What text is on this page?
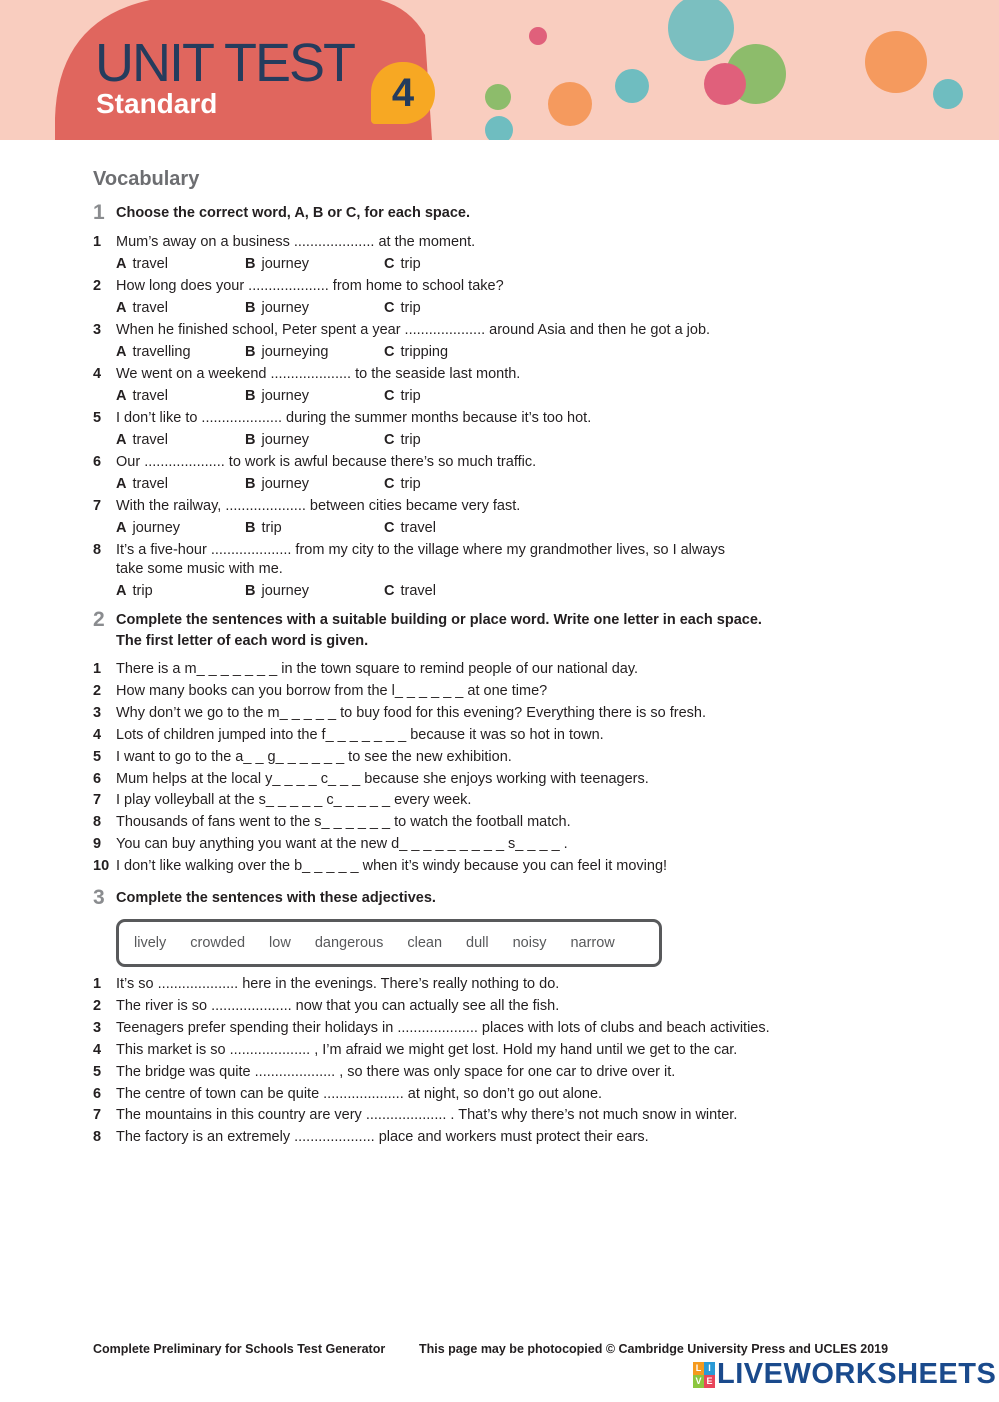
UNIT TEST
Standard	4
Vocabulary
1 Choose the correct word, A, B or C, for each space.
1 Mum’s away on a business .................... at the moment.
A travel	B journey	C trip
2 How long does your .................... from home to school take?
A travel	B journey	C trip
3 When he finished school, Peter spent a year .................... around Asia and then he got a job.
A travelling	B journeying	C tripping
4 We went on a weekend .................... to the seaside last month.
A travel	B journey	C trip
5 I don’t like to .................... during the summer months because it’s too hot.
A travel	B journey	C trip
6 Our .................... to work is awful because there’s so much traffic.
A travel	B journey	C trip
7 With the railway, .................... between cities became very fast.
A journey	B trip	C travel
8 It’s a five-hour .................... from my city to the village where my grandmother lives, so I always
take some music with me.
A trip	B journey	C travel
2 Complete the sentences with a suitable building or place word. Write one letter in each space.
The first letter of each word is given.
1 There is a m_ _ _ _ _ _ _ in the town square to remind people of our national day.
2 How many books can you borrow from the l_ _ _ _ _ _ at one time?
3 Why don’t we go to the m_ _ _ _ _ to buy food for this evening? Everything there is so fresh.
4 Lots of children jumped into the f_ _ _ _ _ _ _ because it was so hot in town.
5 I want to go to the a_ _ g_ _ _ _ _ _ to see the new exhibition.
6 Mum helps at the local y_ _ _ _ c_ _ _ because she enjoys working with teenagers.
7 I play volleyball at the s_ _ _ _ _ c_ _ _ _ _ every week.
8 Thousands of fans went to the s_ _ _ _ _ _ to watch the football match.
9 You can buy anything you want at the new d_ _ _ _ _ _ _ _ _ s_ _ _ _ .
10 I don’t like walking over the b_ _ _ _ _ when it’s windy because you can feel it moving!
3 Complete the sentences with these adjectives.
lively crowded low dangerous clean dull noisy narrow
1 It’s so .................... here in the evenings. There’s really nothing to do.
2 The river is so .................... now that you can actually see all the fish.
3 Teenagers prefer spending their holidays in .................... places with lots of clubs and beach activities.
4 This market is so .................... , I’m afraid we might get lost. Hold my hand until we get to the car.
5 The bridge was quite .................... , so there was only space for one car to drive over it.
6 The centre of town can be quite .................... at night, so don’t go out alone.
7 The mountains in this country are very .................... . That’s why there’s not much snow in winter.
8 The factory is an extremely .................... place and workers must protect their ears.
Complete Preliminary for Schools Test Generator	This page may be photocopied © Cambridge University Press and UCLES 2019
L I
V E LIVEWORKSHEETS
